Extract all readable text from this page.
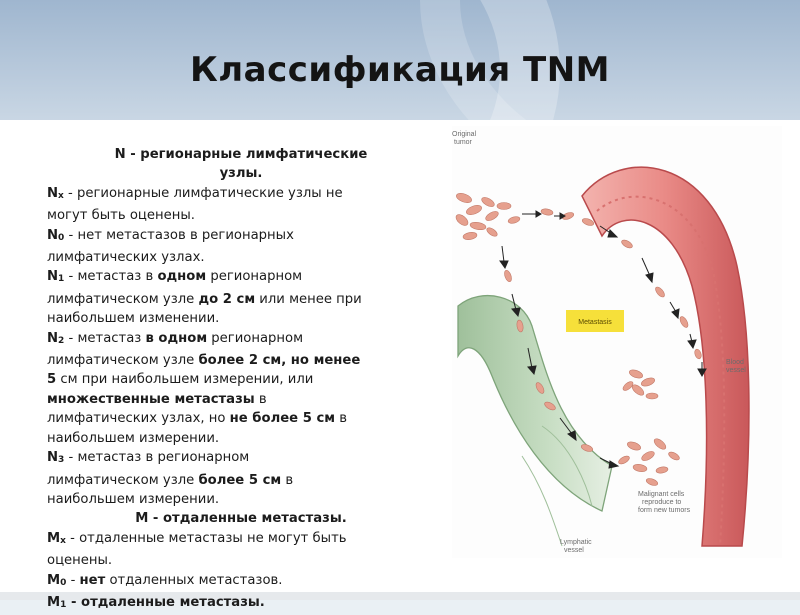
Классификация TNM

N - регионарные лимфатические
узлы.

Nx - регионарные лимфатические узлы не
могут быть оценены.

N0 - нет метастазов в регионарных
лимфатических узлах.

N1 - метастаз в одном регионарном
лимфатическом узле до 2 см или менее при
наибольшем изменении.

N2 - метастаз в одном регионарном
лимфатическом узле более 2 см, но менее
5 см при наибольшем измерении, или
множественные метастазы в
лимфатических узлах, но не более 5 см в
наибольшем измерении.

N3 - метастаз в регионарном
лимфатическом узле более 5 см в
наибольшем измерении.

М - отдаленные метастазы.

Mx - отдаленные метастазы не могут быть
оценены.

M0 - нет отдаленных метастазов.

M1 - отдаленные метастазы.

Metastasis
Original
tumor
Blood
vessel
Lymphatic
vessel
Malignant cells
reproduce to
form new tumors
